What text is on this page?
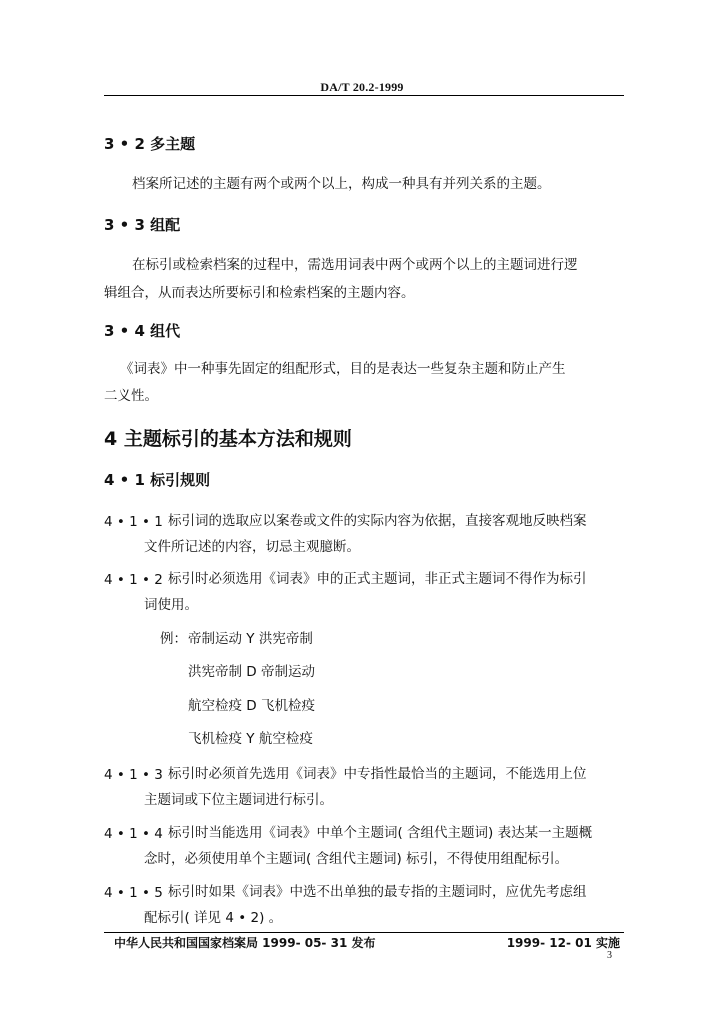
DA/T 20.2-1999
3 • 2 多主题
档案所记述的主题有两个或两个以上，构成一种具有并列关系的主题。
3 • 3 组配
在标引或检索档案的过程中，需选用词表中两个或两个以上的主题词进行逻
辑组合，从而表达所要标引和检索档案的主题内容。
3 • 4 组代
《词表》中一种事先固定的组配形式，目的是表达一些复杂主题和防止产生
二义性。
4 主题标引的基本方法和规则
4 • 1 标引规则
4 • 1 • 1 标引词的选取应以案卷或文件的实际内容为依据，直接客观地反映档案
文件所记述的内容，切忌主观臆断。
4 • 1 • 2 标引时必须选用《词表》申的正式主题词，非正式主题词不得作为标引
词使用。
例： 帝制运动 Y 洪宪帝制
洪宪帝制 D 帝制运动
航空检疫 D 飞机检疫
飞机检疫 Y 航空检疫
4 • 1 • 3 标引时必须首先选用《词表》中专指性最恰当的主题词，不能选用上位
主题词或下位主题词进行标引。
4 • 1 • 4 标引时当能选用《词表》中单个主题词( 含组代主题词) 表达某一主题概
念时，必须使用单个主题词( 含组代主题词) 标引，不得使用组配标引。
4 • 1 • 5 标引时如果《词表》中选不出单独的最专指的主题词时，应优先考虑组
配标引( 详见 4 • 2) 。
中华人民共和国国家档案局 1999- 05- 31 发布	1999- 12- 01 实施
3
